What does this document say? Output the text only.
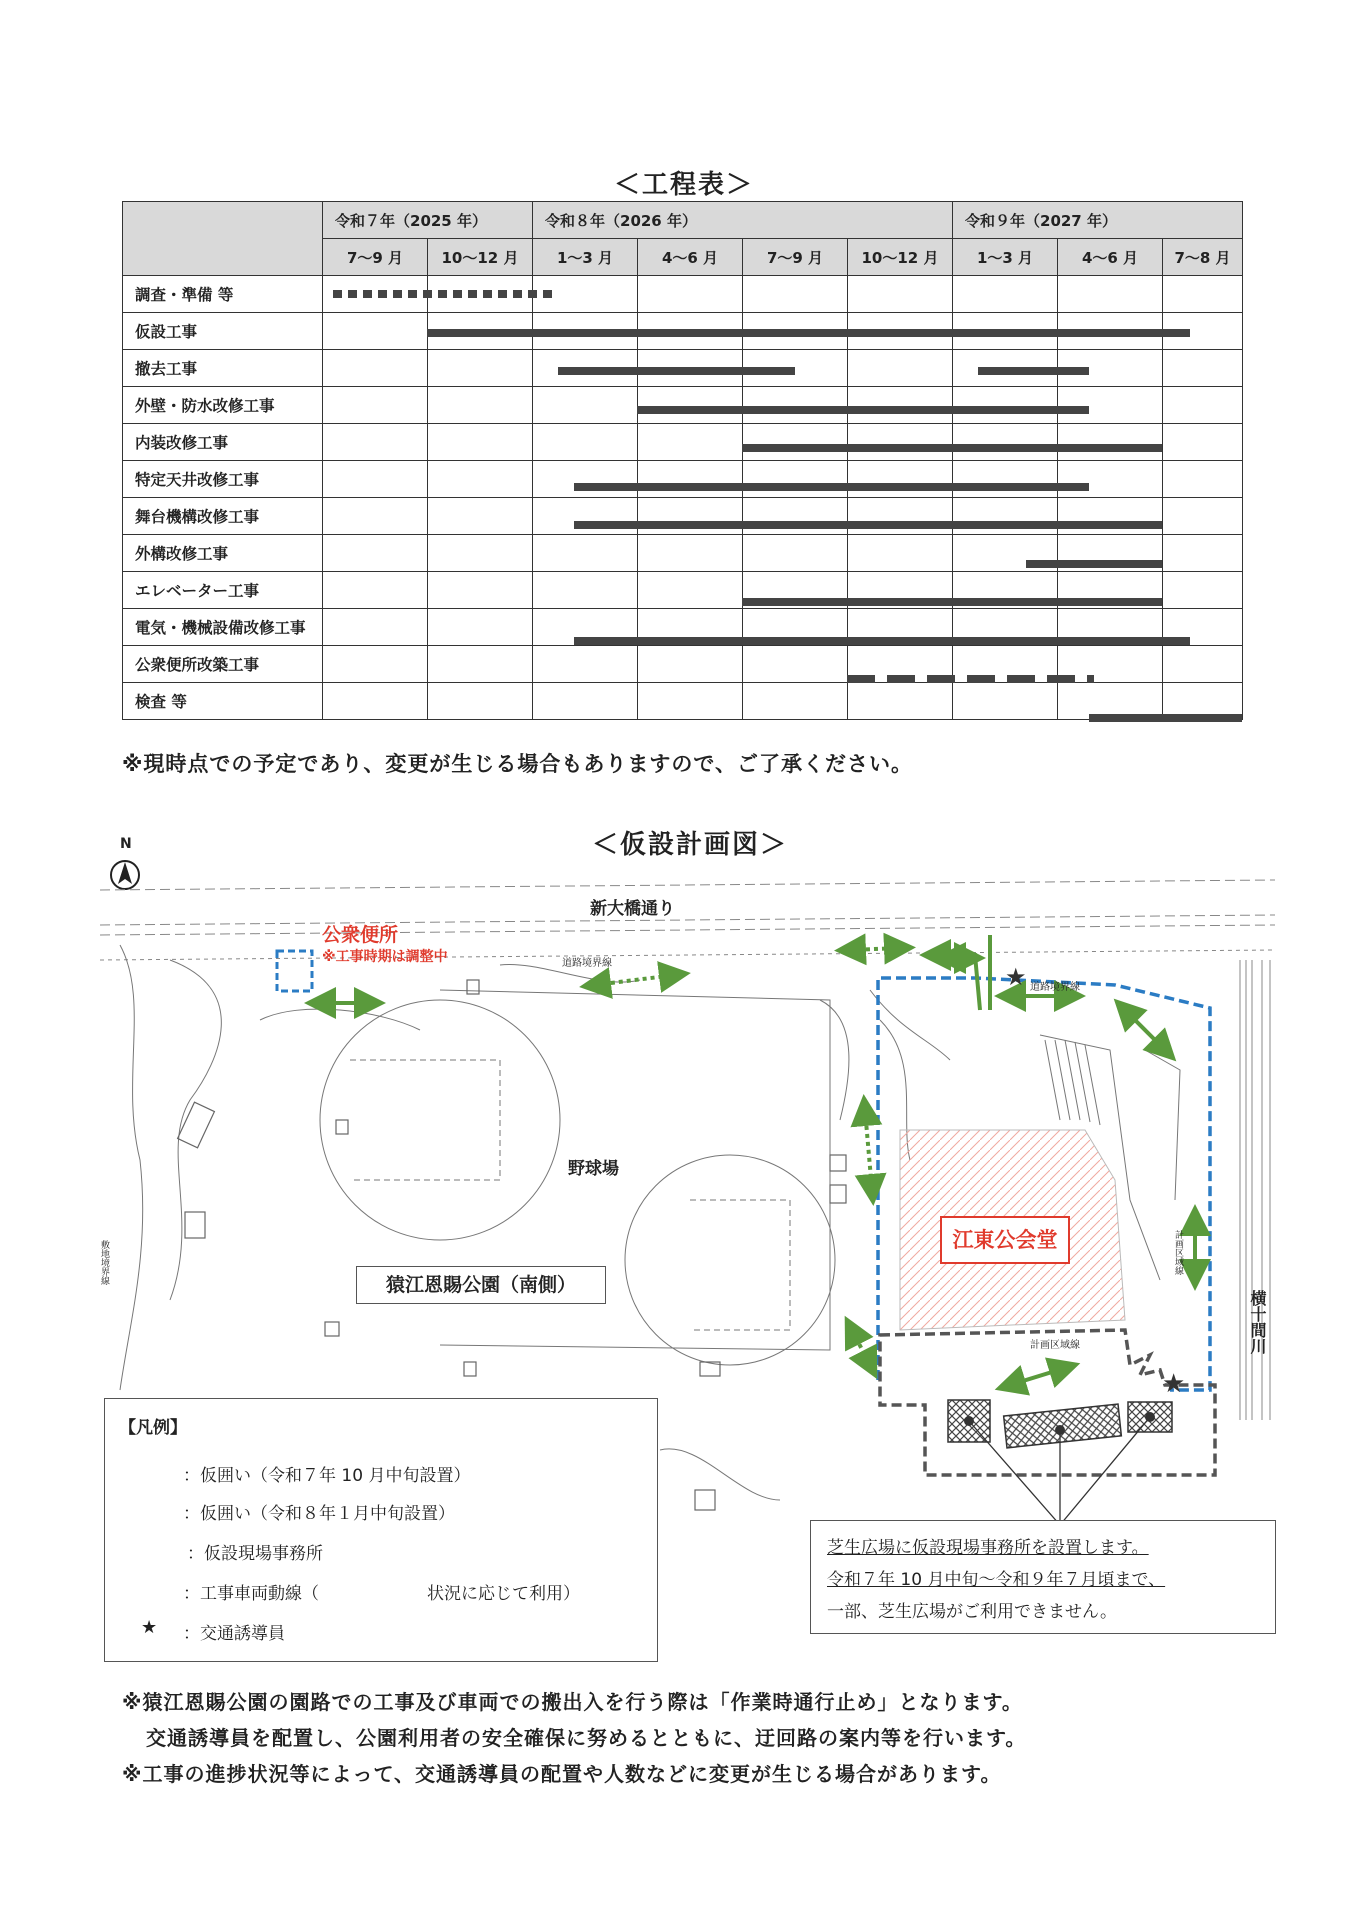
＜工程表＞
	令和７年（2025 年）		令和８年（2026 年）				令和９年（2027 年）		
	7～9 月	10～12 月	1～3 月	4～6 月	7～9 月	10～12 月	1～3 月	4～6 月	7～8 月
調査・準備 等									
仮設工事									
撤去工事									
外壁・防水改修工事									
内装改修工事									
特定天井改修工事									
舞台機構改修工事									
外構改修工事									
エレベーター工事									
電気・機械設備改修工事									
公衆便所改築工事									
検査 等									
※現時点での予定であり、変更が生じる場合もありますので、ご了承ください。
＜仮設計画図＞
★
★
N
新大橋通り
公衆便所
※工事時期は調整中	道路境界線
道路境界線
野球場
猿江恩賜公園（南側）
江東公会堂
計画区域線	横十間川
敷地境界線	計画区域線
【凡例】
：仮囲い（令和７年 10 月中旬設置）
：仮囲い（令和８年１月中旬設置）
：仮設現場事務所
：工事車両動線（	状況に応じて利用）
★ ：交通誘導員
芝生広場に仮設現場事務所を設置します。
令和７年 10 月中旬～令和９年７月頃まで、
一部、芝生広場がご利用できません。
※猿江恩賜公園の園路での工事及び車両での搬出入を行う際は「作業時通行止め」となります。
交通誘導員を配置し、公園利用者の安全確保に努めるとともに、迂回路の案内等を行います。
※工事の進捗状況等によって、交通誘導員の配置や人数などに変更が生じる場合があります。
